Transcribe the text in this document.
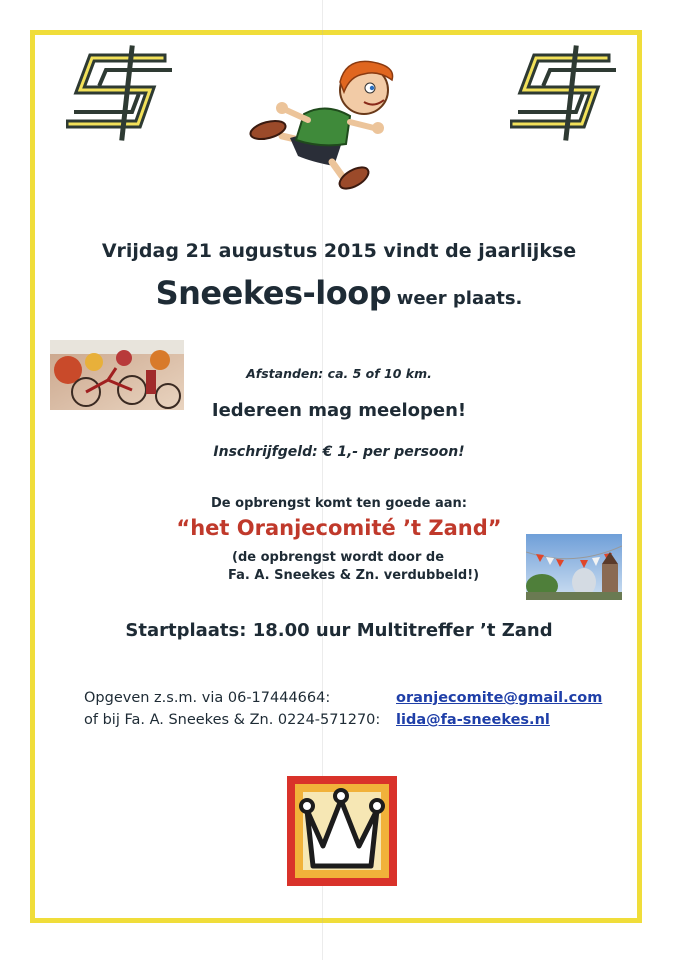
Vrijdag 21 augustus 2015 vindt de jaarlijkse
Sneekes-loop weer plaats.
Afstanden: ca. 5 of 10 km.
Iedereen mag meelopen!
Inschrijfgeld: € 1,- per persoon!
De opbrengst komt ten goede aan:
“het Oranjecomité ’t Zand”
(de opbrengst wordt door de
Fa. A. Sneekes & Zn. verdubbeld!)
Startplaats: 18.00 uur Multitreffer ’t Zand
Opgeven z.s.m. via 06-17444664:
of bij Fa. A. Sneekes & Zn. 0224-571270:
oranjecomite@gmail.com
lida@fa-sneekes.nl
